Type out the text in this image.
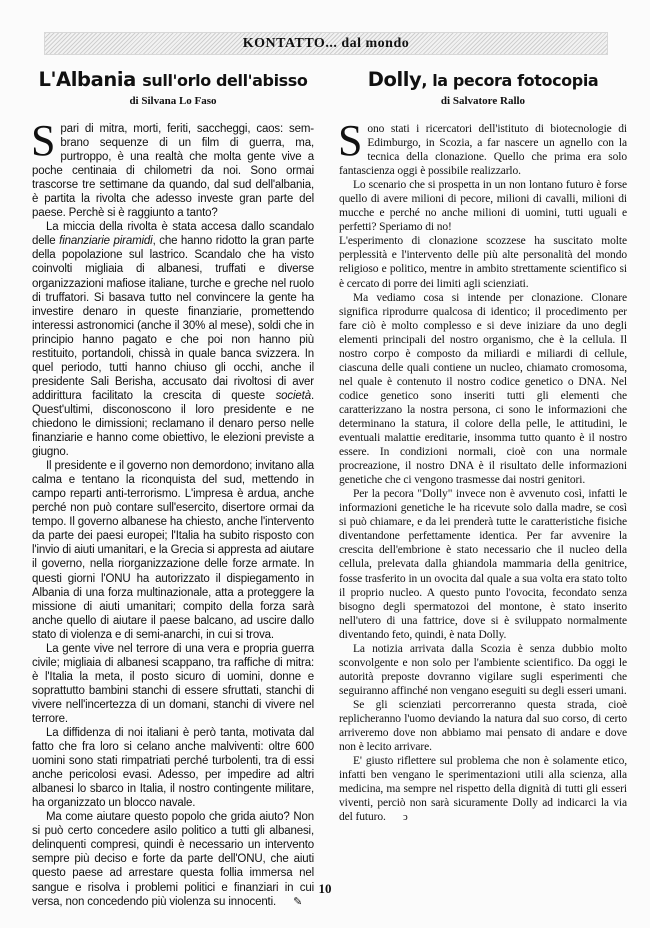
KONTATTO... dal mondo
L'Albania sull'orlo dell'abisso
di Silvana Lo Faso

Spari di mitra, morti, feriti, saccheggi, caos: sem-brano sequenze di un film di guerra, ma, purtroppo, è una realtà che molta gente vive a poche centinaia di chilometri da noi. Sono ormai trascorse tre settimane da quando, dal sud dell'albania, è partita la rivolta che adesso investe gran parte del paese. Perchè si è raggiunto a tanto?

La miccia della rivolta è stata accesa dallo scandalo delle finanziarie piramidi, che hanno ridotto la gran parte della popolazione sul lastrico. Scandalo che ha visto coinvolti migliaia di albanesi, truffati e diverse organizzazioni mafiose italiane, turche e greche nel ruolo di truffatori. Si basava tutto nel convincere la gente ha investire denaro in queste finanziarie, promettendo interessi astronomici (anche il 30% al mese), soldi che in principio hanno pagato e che poi non hanno più restituito, portandoli, chissà in quale banca svizzera. In quel periodo, tutti hanno chiuso gli occhi, anche il presidente Sali Berisha, accusato dai rivoltosi di aver addirittura facilitato la crescita di queste società. Quest'ultimi, disconoscono il loro presidente e ne chiedono le dimissioni; reclamano il denaro perso nelle finanziarie e hanno come obiettivo, le elezioni previste a giugno.

Il presidente e il governo non demordono; invitano alla calma e tentano la riconquista del sud, mettendo in campo reparti anti-terrorismo. L'impresa è ardua, anche perché non può contare sull'esercito, disertore ormai da tempo. Il governo albanese ha chiesto, anche l'intervento da parte dei paesi europei; l'Italia ha subito risposto con l'invio di aiuti umanitari, e la Grecia si appresta ad aiutare il governo, nella riorganizzazione delle forze armate. In questi giorni l'ONU ha autorizzato il dispiegamento in Albania di una forza multinazionale, atta a proteggere la missione di aiuti umanitari; compito della forza sarà anche quello di aiutare il paese balcano, ad uscire dallo stato di violenza e di semi-anarchi, in cui si trova.

La gente vive nel terrore di una vera e propria guerra civile; migliaia di albanesi scappano, tra raffiche di mitra: è l'Italia la meta, il posto sicuro di uomini, donne e soprattutto bambini stanchi di essere sfruttati, stanchi di vivere nell'incertezza di un domani, stanchi di vivere nel terrore.

La diffidenza di noi italiani è però tanta, motivata dal fatto che fra loro si celano anche malviventi: oltre 600 uomini sono stati rimpatriati perché turbolenti, tra di essi anche pericolosi evasi. Adesso, per impedire ad altri albanesi lo sbarco in Italia, il nostro contingente militare, ha organizzato un blocco navale.

Ma come aiutare questo popolo che grida aiuto? Non si può certo concedere asilo politico a tutti gli albanesi, delinquenti compresi, quindi è necessario un intervento sempre più deciso e forte da parte dell'ONU, che aiuti questo paese ad arrestare questa follia immersa nel sangue e risolva i problemi politici e finanziari in cui versa, non concedendo più violenza su innocenti. ✎

Dolly, la pecora fotocopia
di Salvatore Rallo

Sono stati i ricercatori dell'istituto di biotecnologie di Edimburgo, in Scozia, a far nascere un agnello con la tecnica della clonazione. Quello che prima era solo fantascienza oggi è possibile realizzarlo.

Lo scenario che si prospetta in un non lontano futuro è forse quello di avere milioni di pecore, milioni di cavalli, milioni di mucche e perché no anche milioni di uomini, tutti uguali e perfetti? Speriamo di no!

L'esperimento di clonazione scozzese ha suscitato molte perplessità e l'intervento delle più alte personalità del mondo religioso e politico, mentre in ambito strettamente scientifico si è cercato di porre dei limiti agli scienziati.

Ma vediamo cosa si intende per clonazione. Clonare significa riprodurre qualcosa di identico; il procedimento per fare ciò è molto complesso e si deve iniziare da uno degli elementi principali del nostro organismo, che è la cellula. Il nostro corpo è composto da miliardi e miliardi di cellule, ciascuna delle quali contiene un nucleo, chiamato cromosoma, nel quale è contenuto il nostro codice genetico o DNA. Nel codice genetico sono inseriti tutti gli elementi che caratterizzano la nostra persona, ci sono le informazioni che determinano la statura, il colore della pelle, le attitudini, le eventuali malattie ereditarie, insomma tutto quanto è il nostro essere. In condizioni normali, cioè con una normale procreazione, il nostro DNA è il risultato delle informazioni genetiche che ci vengono trasmesse dai nostri genitori.

Per la pecora "Dolly" invece non è avvenuto così, infatti le informazioni genetiche le ha ricevute solo dalla madre, se così si può chiamare, e da lei prenderà tutte le caratteristiche fisiche diventandone perfettamente identica. Per far avvenire la crescita dell'embrione è stato necessario che il nucleo della cellula, prelevata dalla ghiandola mammaria della genitrice, fosse trasferito in un ovocita dal quale a sua volta era stato tolto il proprio nucleo. A questo punto l'ovocita, fecondato senza bisogno degli spermatozoi del montone, è stato inserito nell'utero di una fattrice, dove si è sviluppato normalmente diventando feto, quindi, è nata Dolly.

La notizia arrivata dalla Scozia è senza dubbio molto sconvolgente e non solo per l'ambiente scientifico. Da oggi le autorità preposte dovranno vigilare sugli esperimenti che seguiranno affinché non vengano eseguiti su degli esseri umani.

Se gli scienziati percorreranno questa strada, cioè replicheranno l'uomo deviando la natura dal suo corso, di certo arriveremo dove non abbiamo mai pensato di andare e dove non è lecito arrivare.

E' giusto riflettere sul problema che non è solamente etico, infatti ben vengano le sperimentazioni utili alla scienza, alla medicina, ma sempre nel rispetto della dignità di tutti gli esseri viventi, perciò non sarà sicuramente Dolly ad indicarci la via del futuro. ↄ

10
